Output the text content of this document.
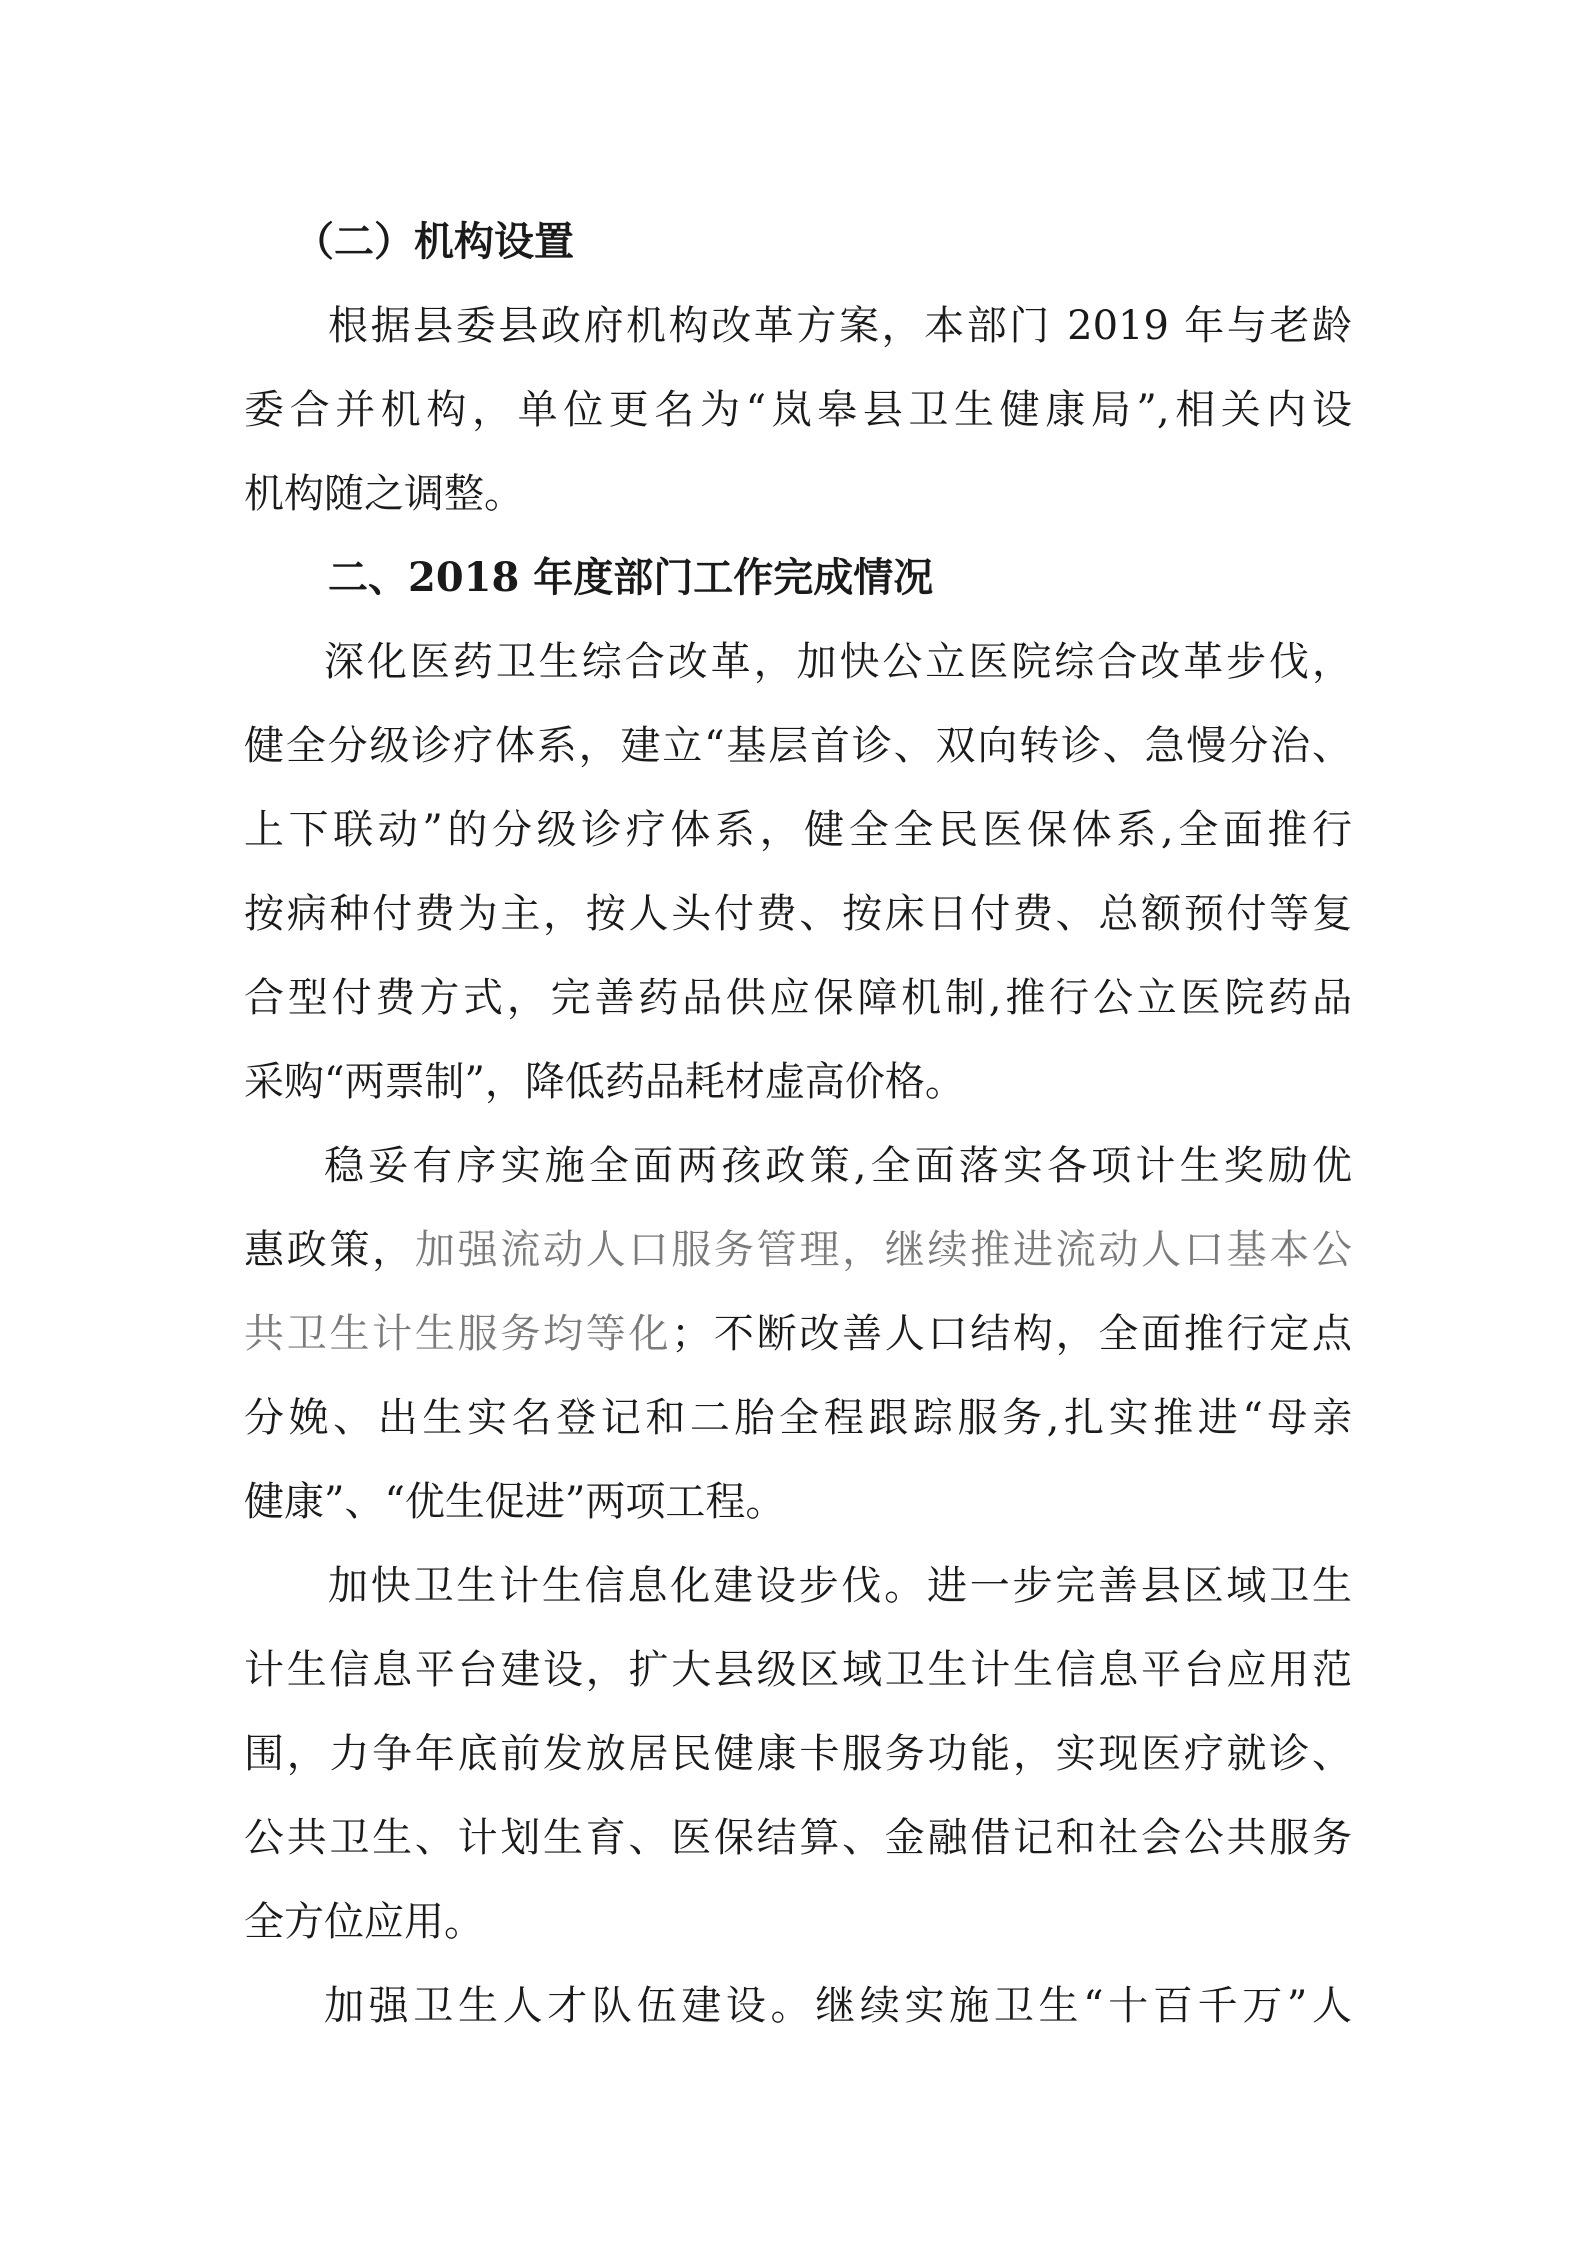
（二）机构设置
根据县委县政府机构改革方案，本部门 2019 年与老龄
委合并机构，单位更名为“岚皋县卫生健康局”,相关内设
机构随之调整。
二、2018 年度部门工作完成情况
深化医药卫生综合改革，加快公立医院综合改革步伐，
健全分级诊疗体系，建立“基层首诊、双向转诊、急慢分治、
上下联动”的分级诊疗体系，健全全民医保体系,全面推行
按病种付费为主，按人头付费、按床日付费、总额预付等复
合型付费方式，完善药品供应保障机制,推行公立医院药品
采购“两票制”，降低药品耗材虚高价格。
稳妥有序实施全面两孩政策,全面落实各项计生奖励优
惠政策，加强流动人口服务管理，继续推进流动人口基本公
共卫生计生服务均等化；不断改善人口结构，全面推行定点
分娩、出生实名登记和二胎全程跟踪服务,扎实推进“母亲
健康”、“优生促进”两项工程。
加快卫生计生信息化建设步伐。进一步完善县区域卫生
计生信息平台建设，扩大县级区域卫生计生信息平台应用范
围，力争年底前发放居民健康卡服务功能，实现医疗就诊、
公共卫生、计划生育、医保结算、金融借记和社会公共服务
全方位应用。
加强卫生人才队伍建设。继续实施卫生“十百千万”人
